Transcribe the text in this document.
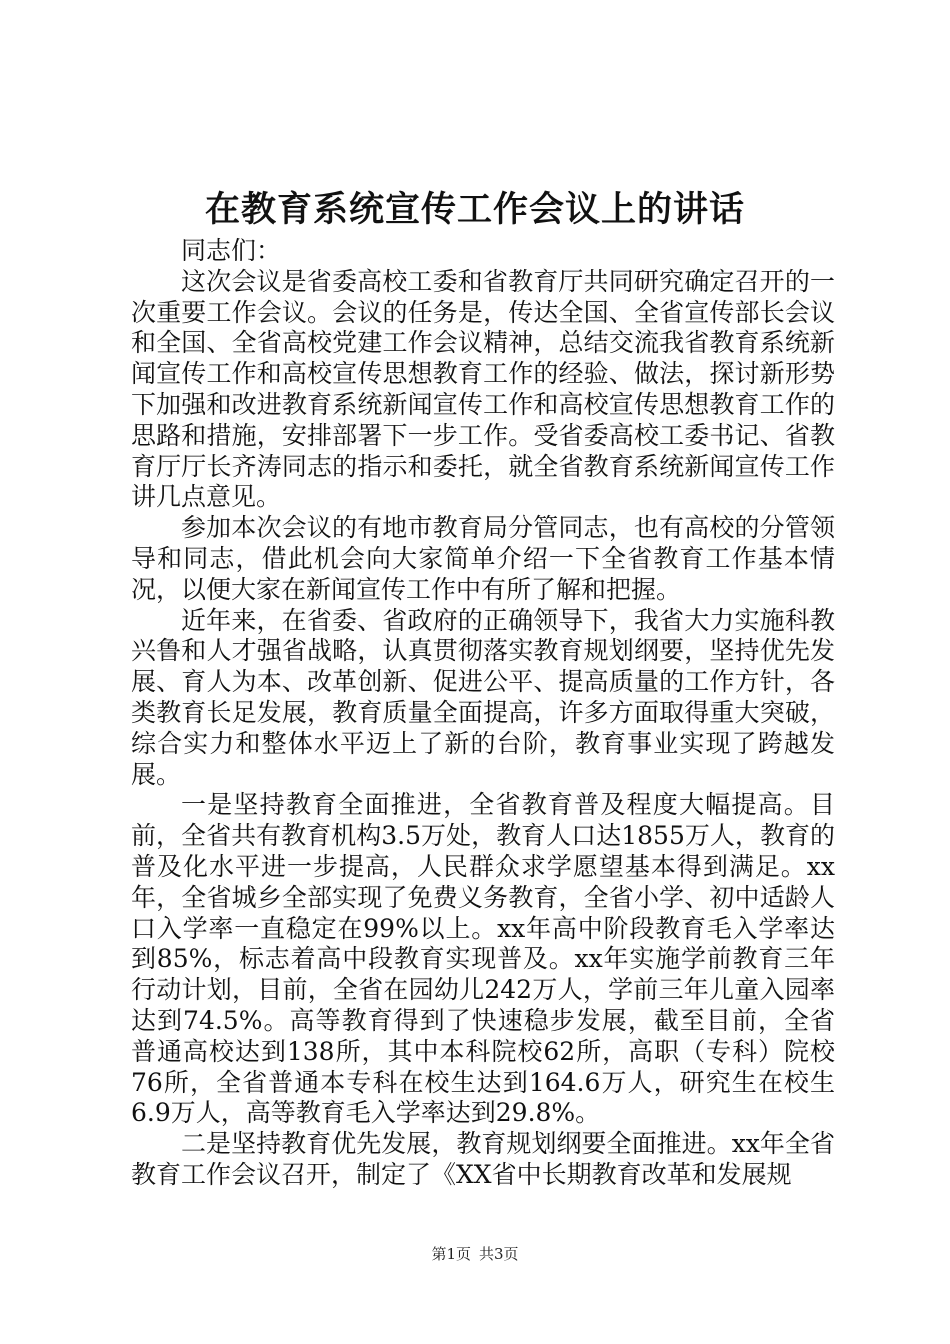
在教育系统宣传工作会议上的讲话

同志们：

这次会议是省委高校工委和省教育厅共同研究确定召开的一次重要工作会议。会议的任务是，传达全国、全省宣传部长会议和全国、全省高校党建工作会议精神，总结交流我省教育系统新闻宣传工作和高校宣传思想教育工作的经验、做法，探讨新形势下加强和改进教育系统新闻宣传工作和高校宣传思想教育工作的思路和措施，安排部署下一步工作。受省委高校工委书记、省教育厅厅长齐涛同志的指示和委托，就全省教育系统新闻宣传工作讲几点意见。

参加本次会议的有地市教育局分管同志，也有高校的分管领导和同志，借此机会向大家简单介绍一下全省教育工作基本情况，以便大家在新闻宣传工作中有所了解和把握。

近年来，在省委、省政府的正确领导下，我省大力实施科教兴鲁和人才强省战略，认真贯彻落实教育规划纲要，坚持优先发展、育人为本、改革创新、促进公平、提高质量的工作方针，各类教育长足发展，教育质量全面提高，许多方面取得重大突破，综合实力和整体水平迈上了新的台阶，教育事业实现了跨越发展。

一是坚持教育全面推进，全省教育普及程度大幅提高。目前，全省共有教育机构3.5万处，教育人口达1855万人，教育的普及化水平进一步提高，人民群众求学愿望基本得到满足。xx年，全省城乡全部实现了免费义务教育，全省小学、初中适龄人口入学率一直稳定在99%以上。xx年高中阶段教育毛入学率达到85%，标志着高中段教育实现普及。xx年实施学前教育三年行动计划，目前，全省在园幼儿242万人，学前三年儿童入园率达到74.5%。高等教育得到了快速稳步发展，截至目前，全省普通高校达到138所，其中本科院校62所，高职（专科）院校76所，全省普通本专科在校生达到164.6万人，研究生在校生6.9万人，高等教育毛入学率达到29.8%。

二是坚持教育优先发展，教育规划纲要全面推进。xx年全省教育工作会议召开，制定了《XX省中长期教育改革和发展规

第1页 共3页
